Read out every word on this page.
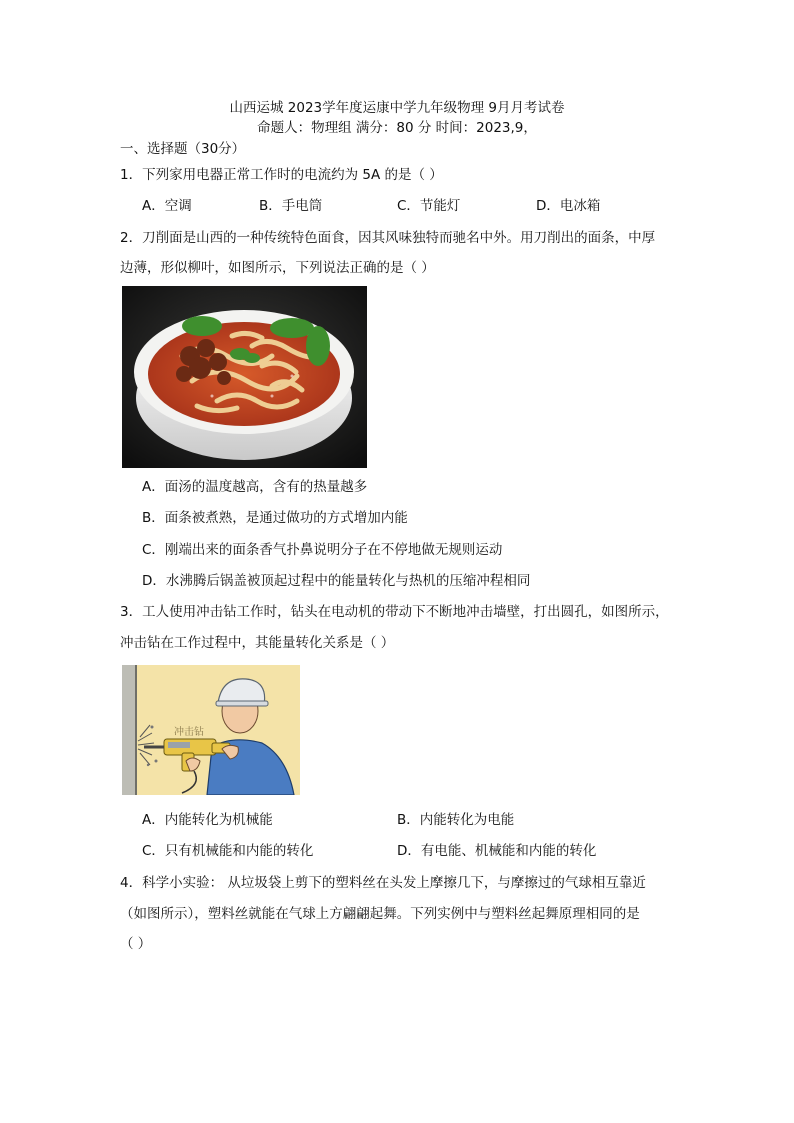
山西运城 2023学年度运康中学九年级物理 9月月考试卷
命题人：物理组 满分：80 分 时间：2023,9，
一、选择题（30分）
1．下列家用电器正常工作时的电流约为 5A 的是（ ）
A．空调	B．手电筒	C．节能灯	D．电冰箱
2．刀削面是山西的一种传统特色面食，因其风味独特而驰名中外。用刀削出的面条，中厚
边薄，形似柳叶，如图所示，下列说法正确的是（ ）
A．面汤的温度越高，含有的热量越多
B．面条被煮熟，是通过做功的方式增加内能
C．刚端出来的面条香气扑鼻说明分子在不停地做无规则运动
D．水沸腾后锅盖被顶起过程中的能量转化与热机的压缩冲程相同
3．工人使用冲击钻工作时，钻头在电动机的带动下不断地冲击墙壁，打出圆孔，如图所示，
冲击钻在工作过程中，其能量转化关系是（ ）
冲击钻
A．内能转化为机械能	B．内能转化为电能
C．只有机械能和内能的转化	D．有电能、机械能和内能的转化
4．科学小实验： 从垃圾袋上剪下的塑料丝在头发上摩擦几下，与摩擦过的气球相互靠近
（如图所示），塑料丝就能在气球上方翩翩起舞。下列实例中与塑料丝起舞原理相同的是
（ ）
